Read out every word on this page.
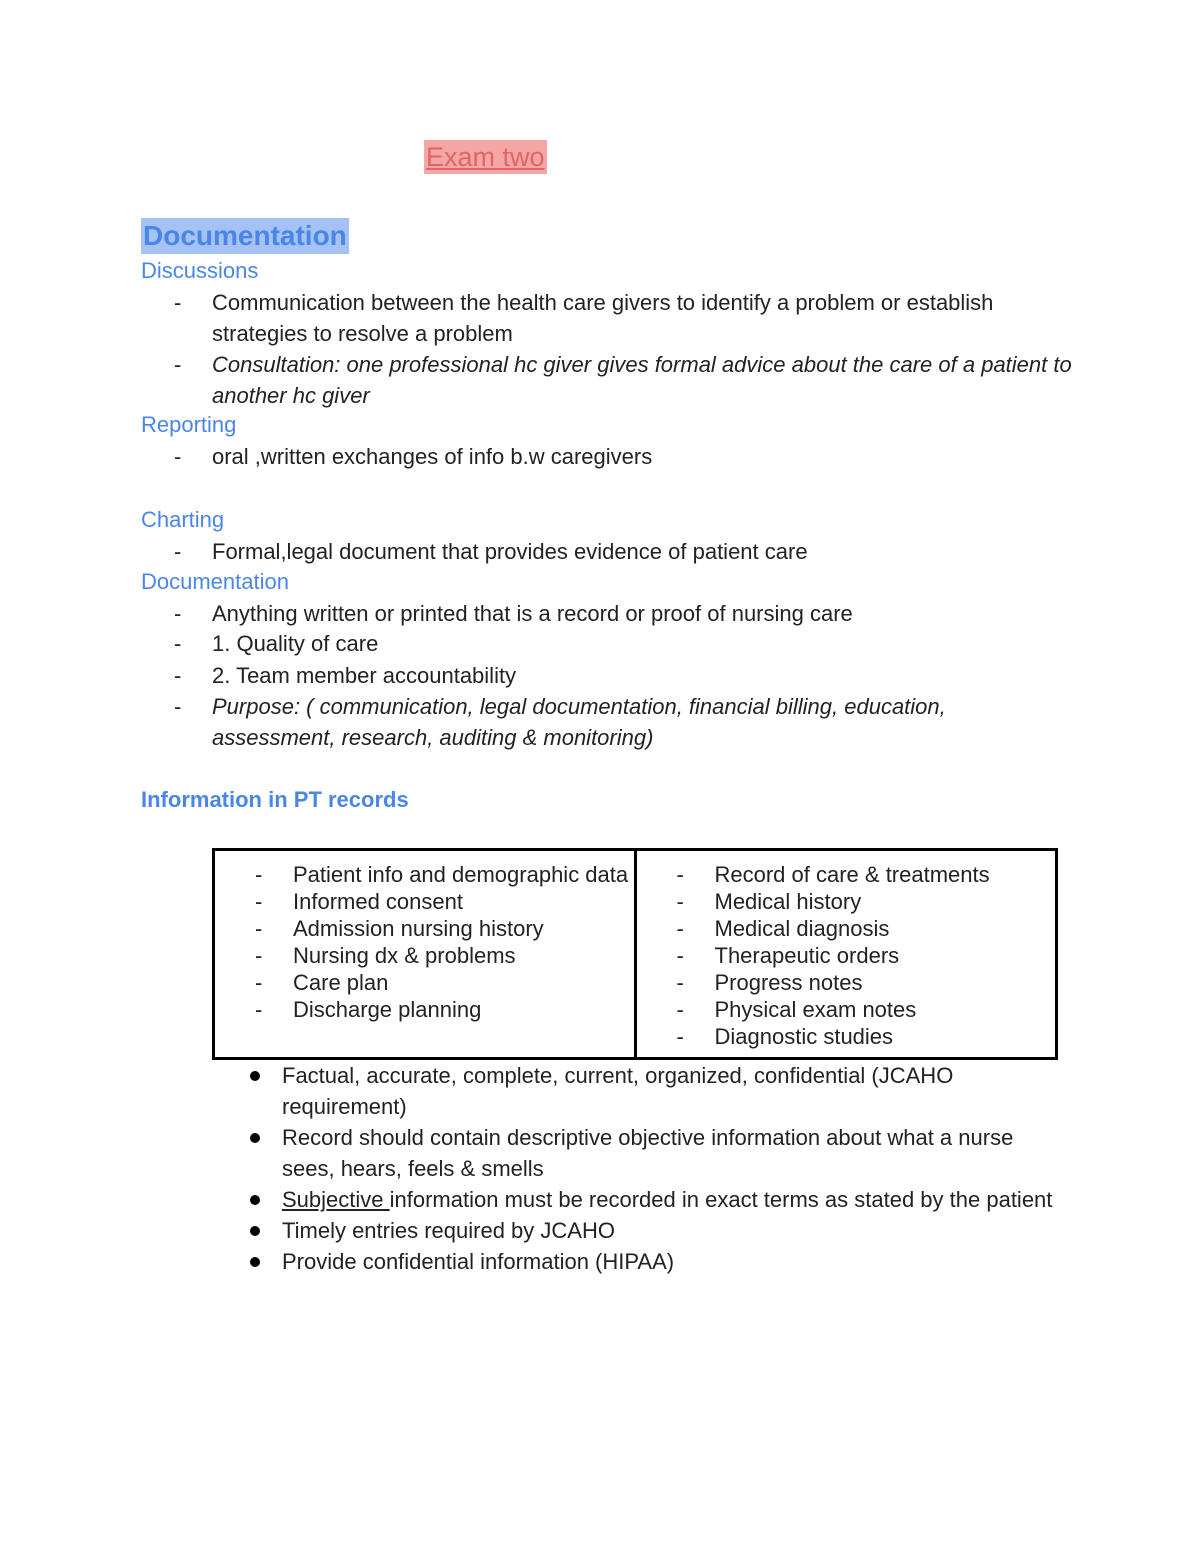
Exam two
Documentation
Discussions
-	Communication between the health care givers to identify a problem or establish strategies to resolve a problem
-	Consultation: one professional hc giver gives formal advice about the care of a patient to another hc giver
Reporting
-	oral ,written exchanges of info b.w caregivers
Charting
-	Formal,legal document that provides evidence of patient care
Documentation
-	Anything written or printed that is a record or proof of nursing care
-	1. Quality of care
-	2. Team member accountability
-	Purpose: ( communication, legal documentation, financial billing, education, assessment, research, auditing & monitoring)
Information in PT records
-	Patient info and demographic data
-	Informed consent
-	Admission nursing history
-	Nursing dx & problems
-	Care plan
-	Discharge planning
-	Record of care & treatments
-	Medical history
-	Medical diagnosis
-	Therapeutic orders
-	Progress notes
-	Physical exam notes
-	Diagnostic studies
Factual, accurate, complete, current, organized, confidential (JCAHO requirement)
Record should contain descriptive objective information about what a nurse sees, hears, feels & smells
Subjective information must be recorded in exact terms as stated by the patient
Timely entries required by JCAHO
Provide confidential information (HIPAA)
